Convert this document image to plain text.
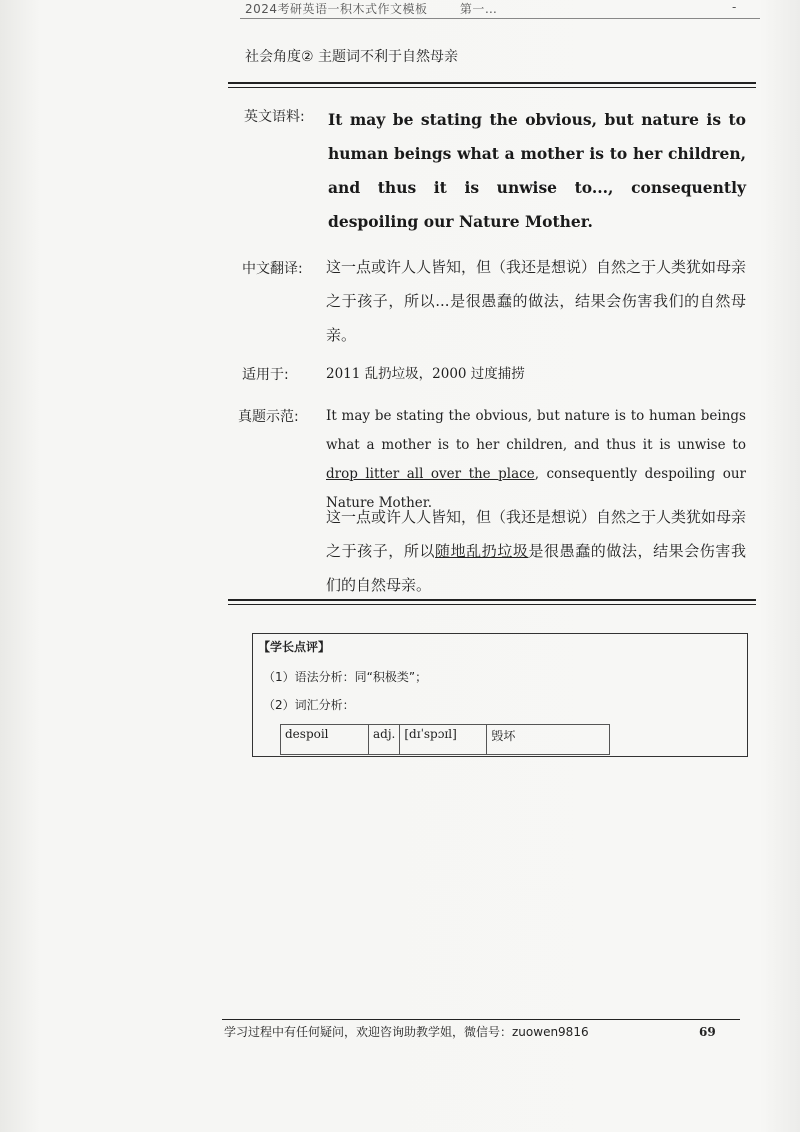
2024考研英语一积木式作文模板	第一…	-
社会角度② 主题词不利于自然母亲
英文语料: It may be stating the obvious, but nature is to human beings what a mother is to her children, and thus it is unwise to..., consequently despoiling our Nature Mother.
中文翻译: 这一点或许人人皆知，但（我还是想说）自然之于人类犹如母亲之于孩子，所以...是很愚蠢的做法，结果会伤害我们的自然母亲。
适用于:	2011 乱扔垃圾，2000 过度捕捞
真题示范: It may be stating the obvious, but nature is to human beings what a mother is to her children, and thus it is unwise to drop litter all over the place, consequently despoiling our Nature Mother.
这一点或许人人皆知，但（我还是想说）自然之于人类犹如母亲之于孩子，所以随地乱扔垃圾是很愚蠢的做法，结果会伤害我们的自然母亲。
【学长点评】
（1）语法分析：同“积极类”；
（2）词汇分析：
despoil	adj.	[dɪˈspɔɪl]	毁坏
学习过程中有任何疑问，欢迎咨询助教学姐，微信号：zuowen9816	69
